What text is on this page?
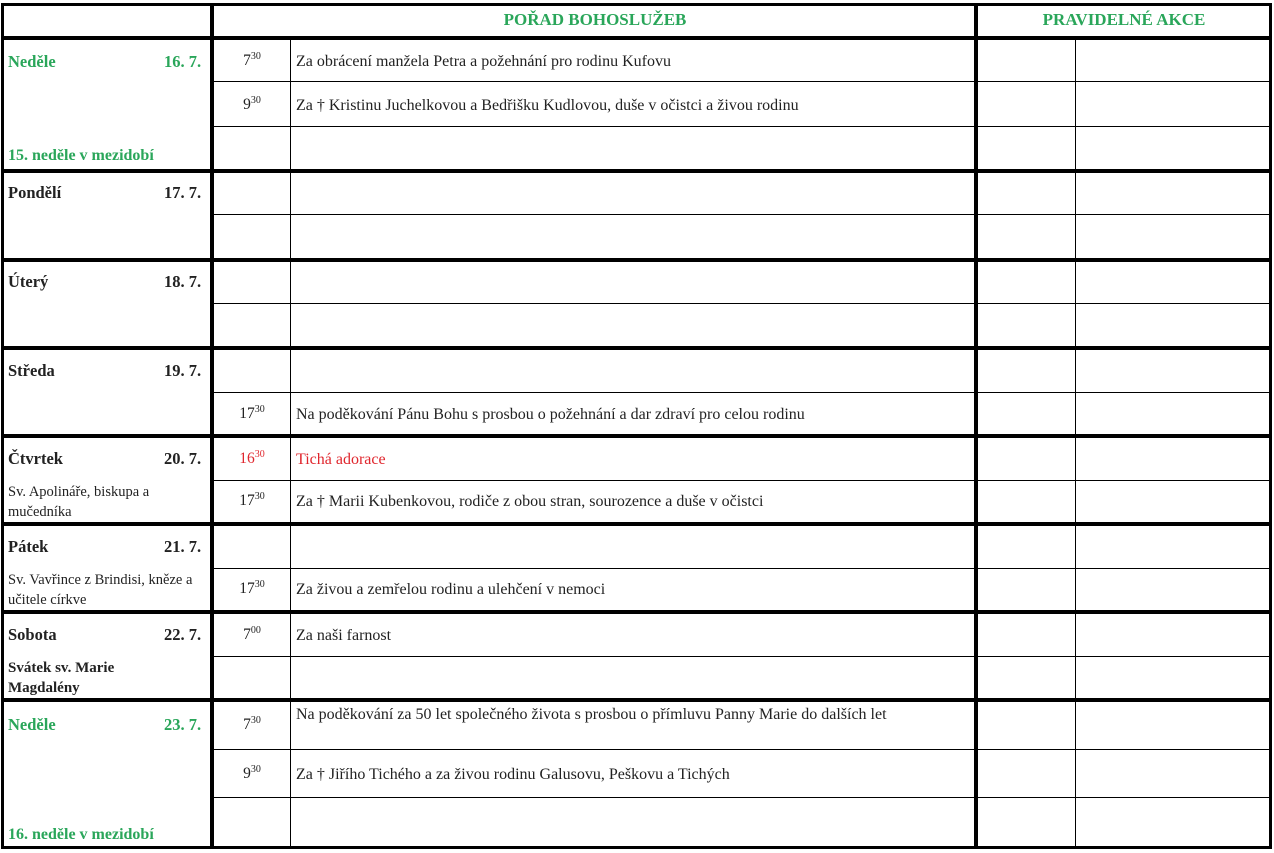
POŘAD BOHOSLUŽEB	PRAVIDELNÉ AKCE
Neděle	16. 7.
15. neděle v mezidobí
$7^{30}$	Za obrácení manžela Petra a požehnání pro rodinu Kufovu
$9^{30}$	Za † Kristinu Juchelkovou a Bedřišku Kudlovou, duše v očistci a živou rodinu
Pondělí	17. 7.
Úterý	18. 7.
Středa	19. 7.
$17^{30}$	Na poděkování Pánu Bohu s prosbou o požehnání a dar zdraví pro celou rodinu
Čtvrtek	20. 7.
Sv. Apolináře, biskupa a mučedníka
$16^{30}$	Tichá adorace
$17^{30}$	Za † Marii Kubenkovou, rodiče z obou stran, sourozence a duše v očistci
Pátek	21. 7.
Sv. Vavřince z Brindisi, kněze a učitele církve
$17^{30}$	Za živou a zemřelou rodinu a ulehčení v nemoci
Sobota	22. 7.
Svátek sv. Marie Magdalény
$7^{00}$	Za naši farnost
Neděle	23. 7.
16. neděle v mezidobí
$7^{30}$	Na poděkování za 50 let společného života s prosbou o přímluvu Panny Marie do dalších let
$9^{30}$	Za † Jiřího Tichého a za živou rodinu Galusovu, Peškovu a Tichých
